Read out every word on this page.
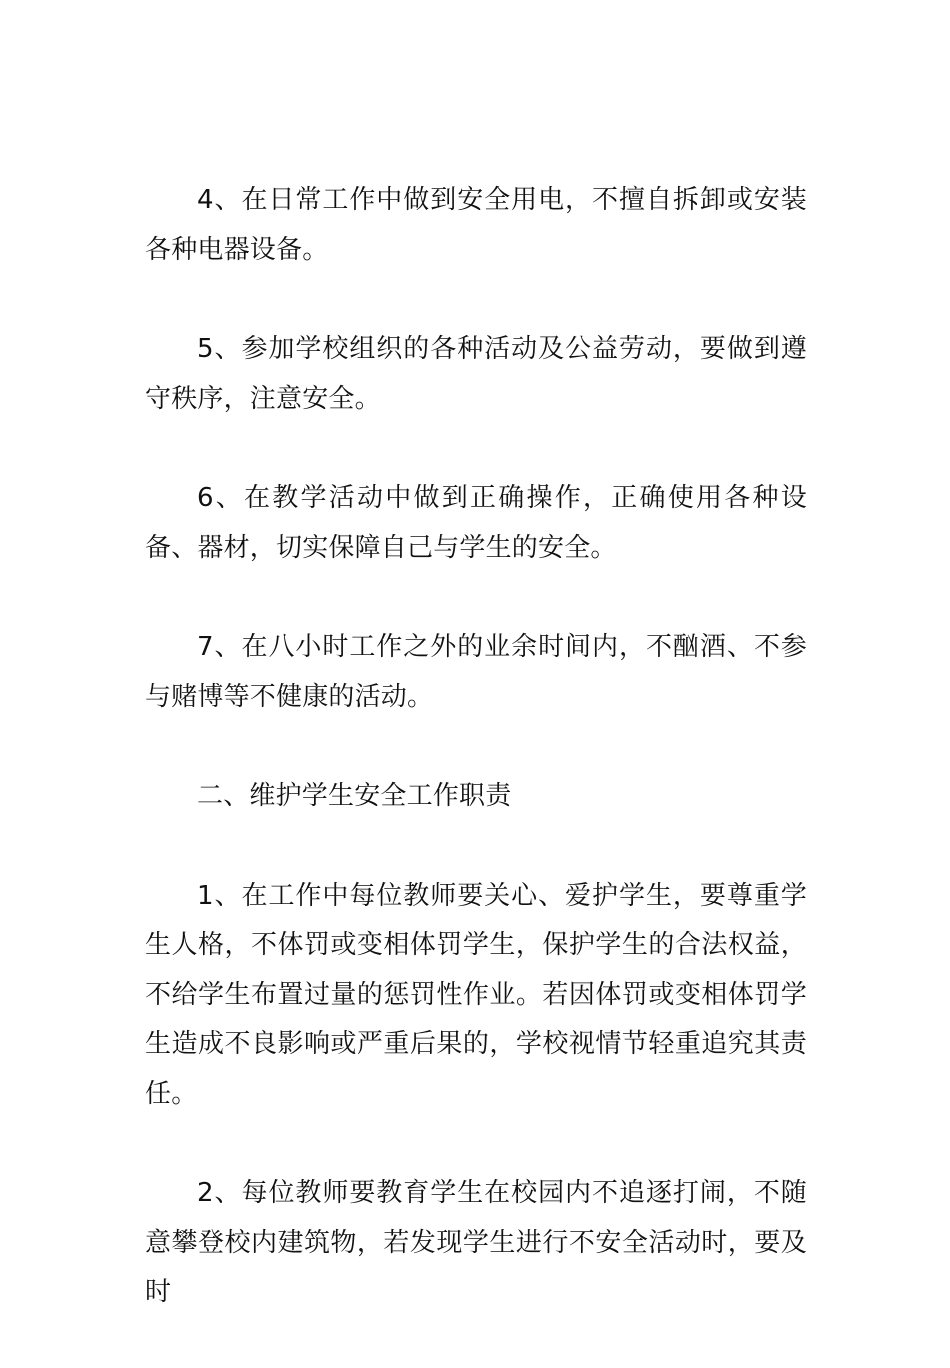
4、在日常工作中做到安全用电，不擅自拆卸或安装各种电器设备。

5、参加学校组织的各种活动及公益劳动，要做到遵守秩序，注意安全。

6、在教学活动中做到正确操作，正确使用各种设备、器材，切实保障自己与学生的安全。

7、在八小时工作之外的业余时间内，不酗酒、不参与赌博等不健康的活动。

二、维护学生安全工作职责

1、在工作中每位教师要关心、爱护学生，要尊重学生人格，不体罚或变相体罚学生，保护学生的合法权益，不给学生布置过量的惩罚性作业。若因体罚或变相体罚学生造成不良影响或严重后果的，学校视情节轻重追究其责任。

2、每位教师要教育学生在校园内不追逐打闹，不随意攀登校内建筑物，若发现学生进行不安全活动时，要及时
